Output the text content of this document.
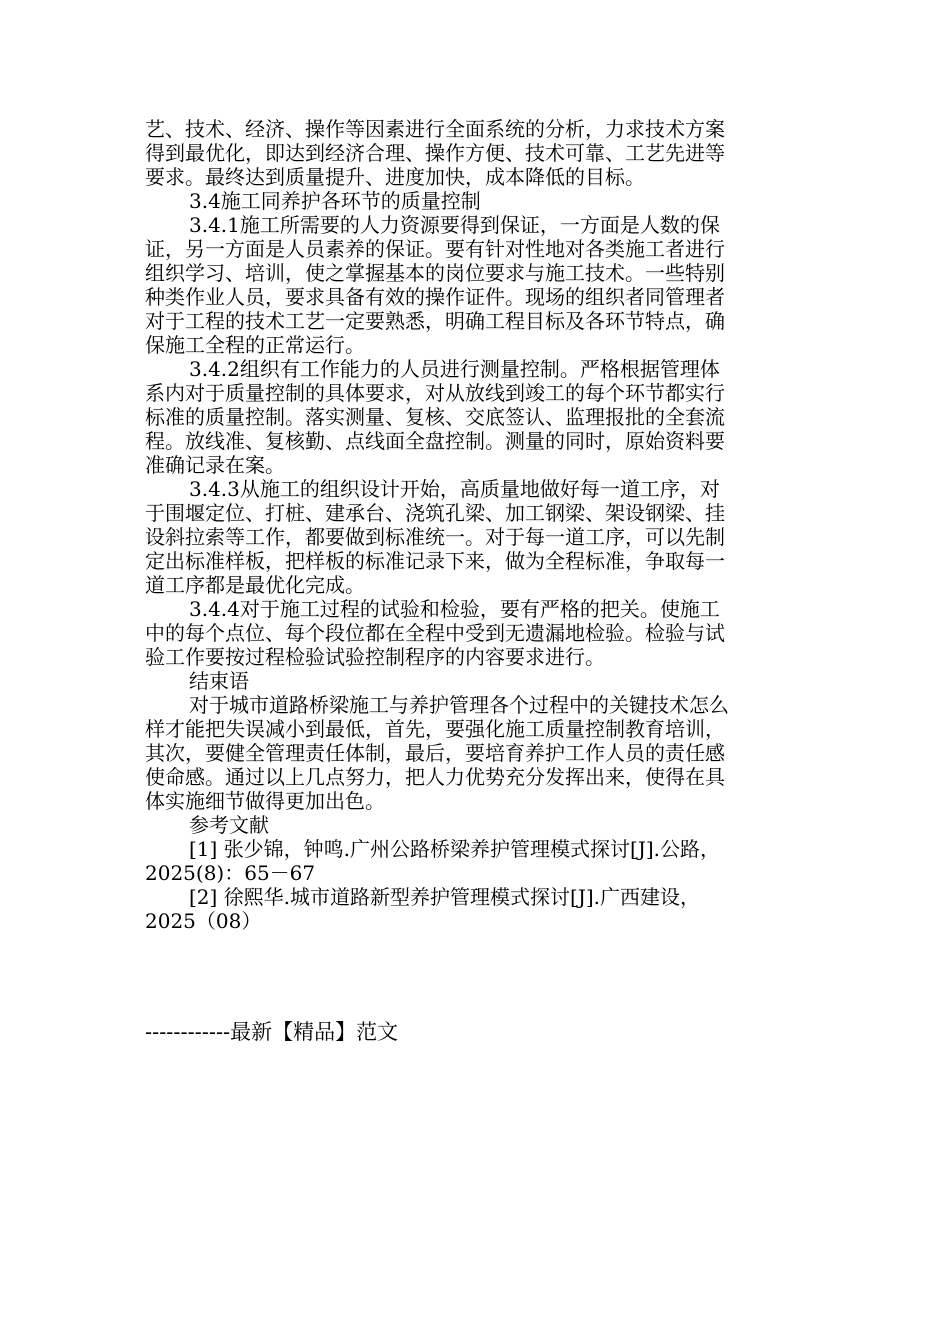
艺、技术、经济、操作等因素进行全面系统的分析，力求技术方案
得到最优化，即达到经济合理、操作方便、技术可靠、工艺先进等
要求。最终达到质量提升、进度加快，成本降低的目标。
3.4施工同养护各环节的质量控制
3.4.1施工所需要的人力资源要得到保证，一方面是人数的保
证，另一方面是人员素养的保证。要有针对性地对各类施工者进行
组织学习、培训，使之掌握基本的岗位要求与施工技术。一些特别
种类作业人员，要求具备有效的操作证件。现场的组织者同管理者
对于工程的技术工艺一定要熟悉，明确工程目标及各环节特点，确
保施工全程的正常运行。
3.4.2组织有工作能力的人员进行测量控制。严格根据管理体
系内对于质量控制的具体要求，对从放线到竣工的每个环节都实行
标准的质量控制。落实测量、复核、交底签认、监理报批的全套流
程。放线准、复核勤、点线面全盘控制。测量的同时，原始资料要
准确记录在案。
3.4.3从施工的组织设计开始，高质量地做好每一道工序，对
于围堰定位、打桩、建承台、浇筑孔梁、加工钢梁、架设钢梁、挂
设斜拉索等工作，都要做到标准统一。对于每一道工序，可以先制
定出标准样板，把样板的标准记录下来，做为全程标准，争取每一
道工序都是最优化完成。
3.4.4对于施工过程的试验和检验，要有严格的把关。使施工
中的每个点位、每个段位都在全程中受到无遗漏地检验。检验与试
验工作要按过程检验试验控制程序的内容要求进行。
结束语
对于城市道路桥梁施工与养护管理各个过程中的关键技术怎么
样才能把失误减小到最低，首先，要强化施工质量控制教育培训，
其次，要健全管理责任体制，最后，要培育养护工作人员的责任感
使命感。通过以上几点努力，把人力优势充分发挥出来，使得在具
体实施细节做得更加出色。
参考文献
[1] 张少锦，钟鸣.广州公路桥梁养护管理模式探讨[J].公路，
2025(8)：65－67
[2] 徐熙华.城市道路新型养护管理模式探讨[J].广西建设，
2025（08）
------------最新【精品】范文
